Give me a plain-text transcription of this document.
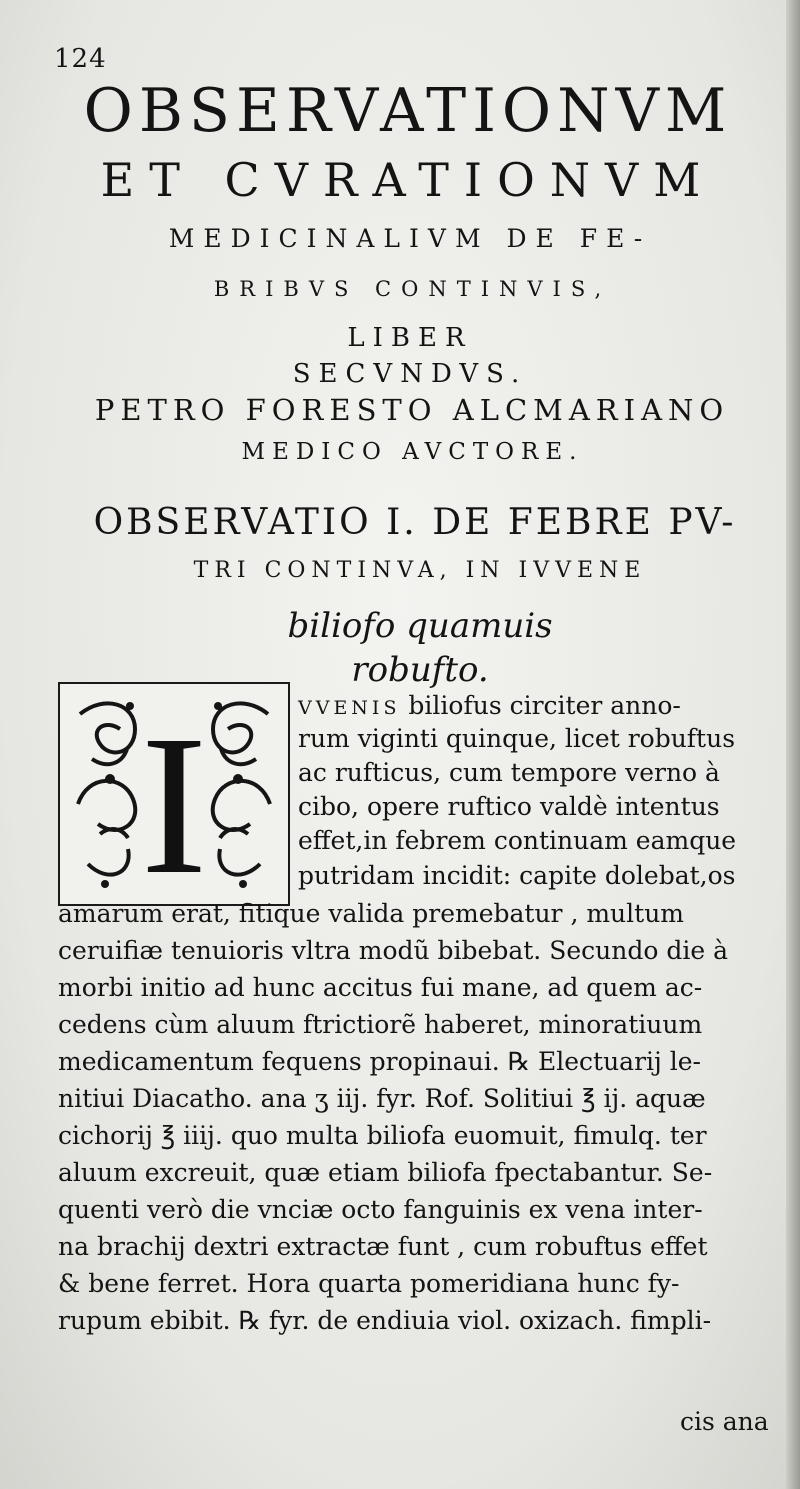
124
OBSERVATIONVM
ET CVRATIONVM
MEDICINALIVM DE FE-
BRIBVS CONTINVIS,
LIBER SECVNDVS.
PETRO FORESTO ALCMARIANO
MEDICO AVCTORE.
OBSERVATIO I. DE FEBRE PV-
TRI CONTINVA, IN IVVENE
biliofo quamuis robufto.
I	VVENIS biliofus circiter anno-
rum viginti quinque, licet robuftus
ac rufticus, cum tempore verno à
cibo, opere ruftico valdè intentus
effet,in febrem continuam eamque
putridam incidit: capite dolebat,os
amarum erat, fitique valida premebatur , multum
ceruifiæ tenuioris vltra modũ bibebat. Secundo die à
morbi initio ad hunc accitus fui mane, ad quem ac-
cedens cùm aluum ftrictiorẽ haberet, minoratiuum
medicamentum fequens propinaui. ℞ Electuarij le-
nitiui Diacatho. ana ʒ iij. fyr. Rof. Solitiui ℥ ij. aquæ
cichorij ℥ iiij. quo multa biliofa euomuit, fimulq. ter
aluum excreuit, quæ etiam biliofa fpectabantur. Se-
quenti verò die vnciæ octo fanguinis ex vena inter-
na brachij dextri extractæ funt , cum robuftus effet
& bene ferret. Hora quarta pomeridiana hunc fy-
rupum ebibit. ℞ fyr. de endiuia viol. oxizach. fimpli-
cis ana
